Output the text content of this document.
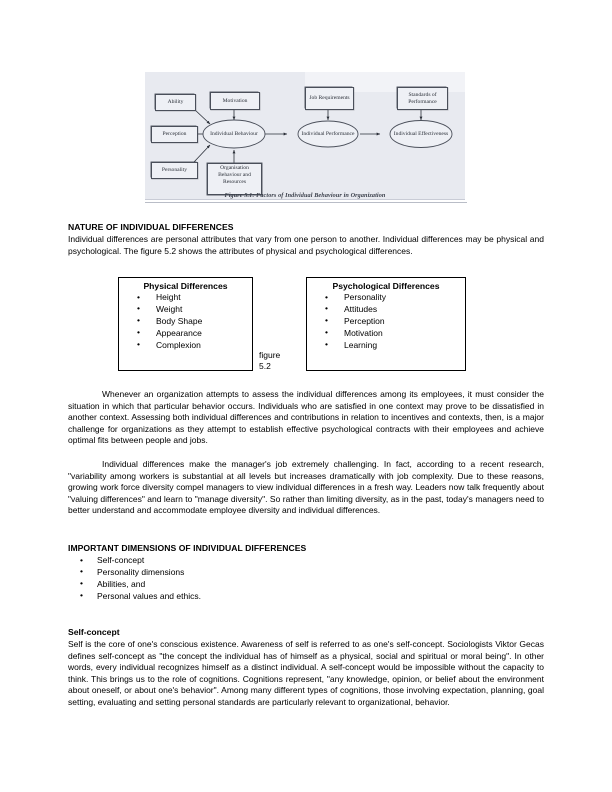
Ability
Perception
Personality
Motivation
Organisation Behaviour and Resources
Individual Behaviour
Job Requirements
Individual Performance
Standards of Performance
Individual Effectiveness
Figure 5.1: Factors of Individual Behaviour in Organization
NATURE OF INDIVIDUAL DIFFERENCES
Individual differences are personal attributes that vary from one person to another. Individual differences may be physical and psychological. The figure 5.2 shows the attributes of physical and psychological differences.
Physical Differences
• Height
• Weight
• Body Shape
• Appearance
• Complexion
figure 5.2
Psychological Differences
• Personality
• Attitudes
• Perception
• Motivation
• Learning
Whenever an organization attempts to assess the individual differences among its employees, it must consider the situation in which that particular behavior occurs. Individuals who are satisfied in one context may prove to be dissatisfied in another context. Assessing both individual differences and contributions in relation to incentives and contexts, then, is a major challenge for organizations as they attempt to establish effective psychological contracts with their employees and achieve optimal fits between people and jobs.
Individual differences make the manager's job extremely challenging. In fact, according to a recent research, "variability among workers is substantial at all levels but increases dramatically with job complexity. Due to these reasons, growing work force diversity compel managers to view individual differences in a fresh way. Leaders now talk frequently about "valuing differences" and learn to "manage diversity". So rather than limiting diversity, as in the past, today's managers need to better understand and accommodate employee diversity and individual differences.
IMPORTANT DIMENSIONS OF INDIVIDUAL DIFFERENCES
• Self-concept
• Personality dimensions
• Abilities, and
• Personal values and ethics.
Self-concept
Self is the core of one's conscious existence. Awareness of self is referred to as one's self-concept. Sociologists Viktor Gecas defines self-concept as "the concept the individual has of himself as a physical, social and spiritual or moral being". In other words, every individual recognizes himself as a distinct individual. A self-concept would be impossible without the capacity to think. This brings us to the role of cognitions. Cognitions represent, "any knowledge, opinion, or belief about the environment about oneself, or about one's behavior". Among many different types of cognitions, those involving expectation, planning, goal setting, evaluating and setting personal standards are particularly relevant to organizational, behavior.
